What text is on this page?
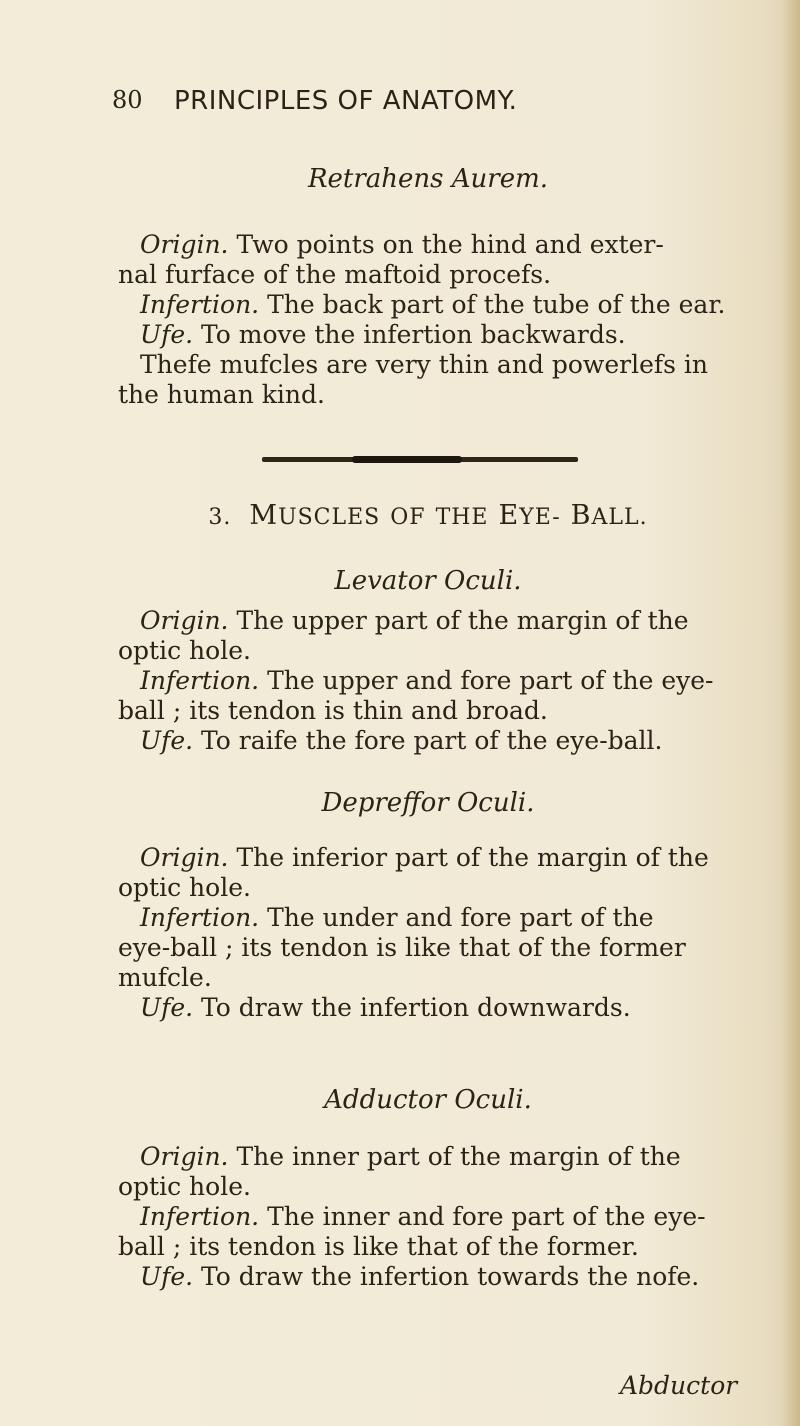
80 PRINCIPLES OF ANATOMY.
Retrahens Aurem.
Origin. Two points on the hind and exter-
nal furface of the maftoid procefs.
Infertion. The back part of the tube of the ear.
Ufe. To move the infertion backwards.
Thefe mufcles are very thin and powerlefs in
the human kind.
3. MUSCLES OF THE EYE- BALL.
Levator Oculi.
Origin. The upper part of the margin of the
optic hole.
Infertion. The upper and fore part of the eye-
ball ; its tendon is thin and broad.
Ufe. To raife the fore part of the eye-ball.
Depreffor Oculi.
Origin. The inferior part of the margin of the
optic hole.
Infertion. The under and fore part of the
eye-ball ; its tendon is like that of the former
mufcle.
Ufe. To draw the infertion downwards.
Adductor Oculi.
Origin. The inner part of the margin of the
optic hole.
Infertion. The inner and fore part of the eye-
ball ; its tendon is like that of the former.
Ufe. To draw the infertion towards the nofe.
Abductor
